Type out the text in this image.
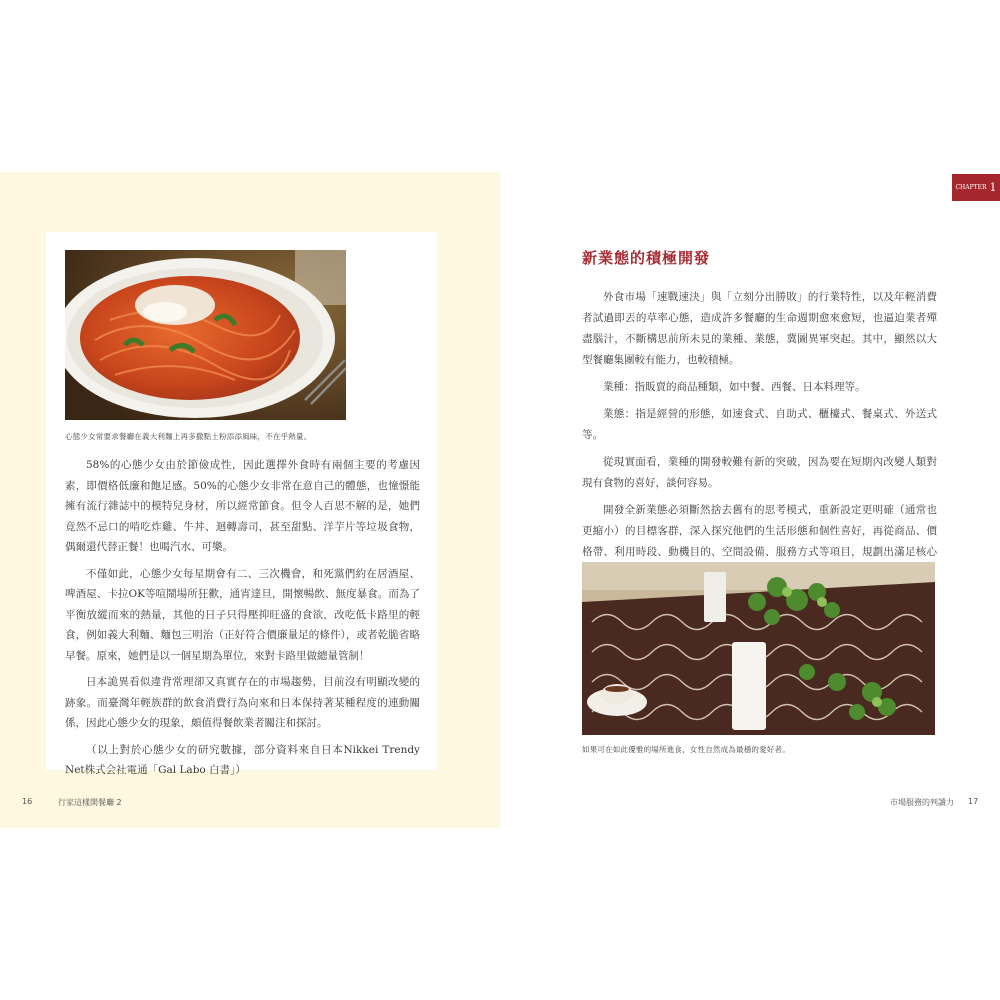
心態少女常要求餐廳在義大利麵上再多撒點土粉添添風味，不在乎熱量。

58%的心態少女由於節儉成性，因此選擇外食時有兩個主要的考慮因素，即價格低廉和飽足感。50%的心態少女非常在意自己的體態，也憧憬能擁有流行雜誌中的模特兒身材，所以經常節食。但令人百思不解的是，她們竟然不忌口的啃吃炸雞、牛丼、迴轉壽司，甚至甜點、洋芋片等垃圾食物，偶爾還代替正餐！也喝汽水、可樂。

不僅如此，心態少女每星期會有二、三次機會，和死黨們約在居酒屋、啤酒屋、卡拉OK等喧鬧場所狂歡，通宵達旦，開懷暢飲、無度暴食。而為了平衡放縱而來的熱量，其他的日子只得壓抑旺盛的食欲，改吃低卡路里的輕食，例如義大利麵、麵包三明治（正好符合價廉量足的條件），或者乾脆省略早餐。原來，她們是以一個星期為單位，來對卡路里做總量管制！

日本詭異看似違背常理卻又真實存在的市場趨勢，目前沒有明顯改變的跡象。而臺灣年輕族群的飲食消費行為向來和日本保持著某種程度的連動關係，因此心態少女的現象，頗值得餐飲業者關注和探討。

（以上對於心態少女的研究數據，部分資料來自日本Nikkei Trendy Net株式会社電通「Gal Labo 白書」）

16	行家這樣開餐廳 2
CHAPTER 1
新業態的積極開發

外食市場「速戰速決」與「立刻分出勝敗」的行業特性，以及年輕消費者試過即丟的草率心態，造成許多餐廳的生命週期愈來愈短，也逼迫業者殫盡腦汁，不斷構思前所未見的業種、業態，冀圖異軍突起。其中，顯然以大型餐廳集團較有能力，也較積極。

業種：指販賣的商品種類，如中餐、西餐、日本料理等。

業態：指是經營的形態，如速食式、自助式、櫃檯式、餐桌式、外送式等。

從現實面看，業種的開發較難有新的突破，因為要在短期內改變人類對現有食物的喜好，談何容易。

開發全新業態必須斷然捨去舊有的思考模式，重新設定更明確（通常也更縮小）的目標客群，深入探究他們的生活形態和個性喜好，再從商品、價格帶、利用時段、動機目的、空間設備、服務方式等項目，規劃出滿足核心

如果可在如此優雅的場所進食，女性自然成為最穩的愛好者。
市場服務的判讀力 17
